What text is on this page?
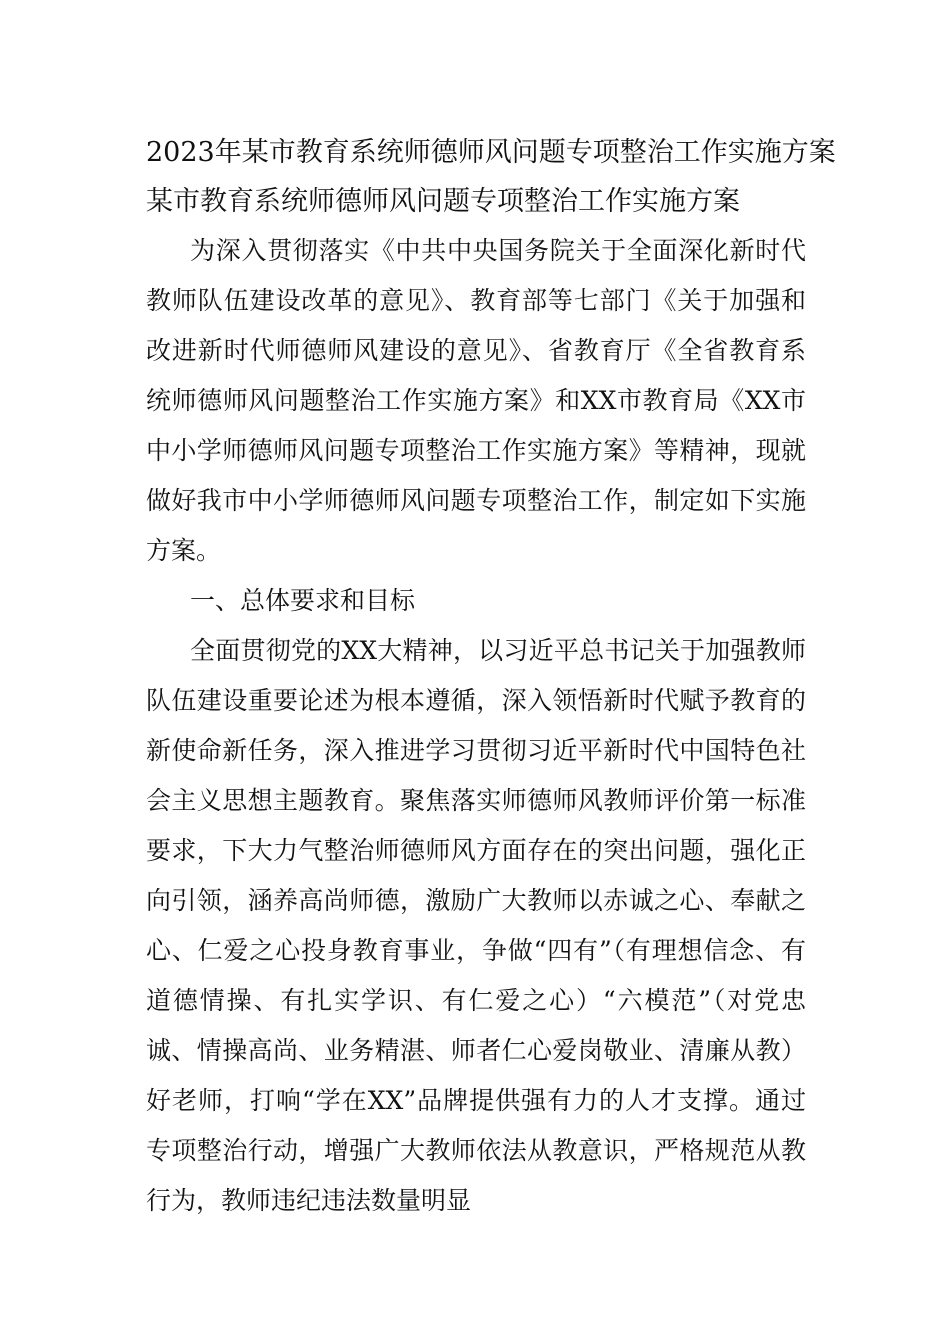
2023年某市教育系统师德师风问题专项整治工作实施方案
某市教育系统师德师风问题专项整治工作实施方案

为深入贯彻落实《中共中央国务院关于全面深化新时代教师队伍建设改革的意见》、教育部等七部门《关于加强和改进新时代师德师风建设的意见》、省教育厅《全省教育系统师德师风问题整治工作实施方案》和XX市教育局《XX市中小学师德师风问题专项整治工作实施方案》等精神，现就做好我市中小学师德师风问题专项整治工作，制定如下实施方案。

一、总体要求和目标

全面贯彻党的XX大精神，以习近平总书记关于加强教师队伍建设重要论述为根本遵循，深入领悟新时代赋予教育的新使命新任务，深入推进学习贯彻习近平新时代中国特色社会主义思想主题教育。聚焦落实师德师风教师评价第一标准要求，下大力气整治师德师风方面存在的突出问题，强化正向引领，涵养高尚师德，激励广大教师以赤诚之心、奉献之心、仁爱之心投身教育事业，争做“四有”（有理想信念、有道德情操、有扎实学识、有仁爱之心）“六模范”（对党忠诚、情操高尚、业务精湛、师者仁心爱岗敬业、清廉从教）好老师，打响“学在XX”品牌提供强有力的人才支撑。通过专项整治行动，增强广大教师依法从教意识，严格规范从教行为，教师违纪违法数量明显
